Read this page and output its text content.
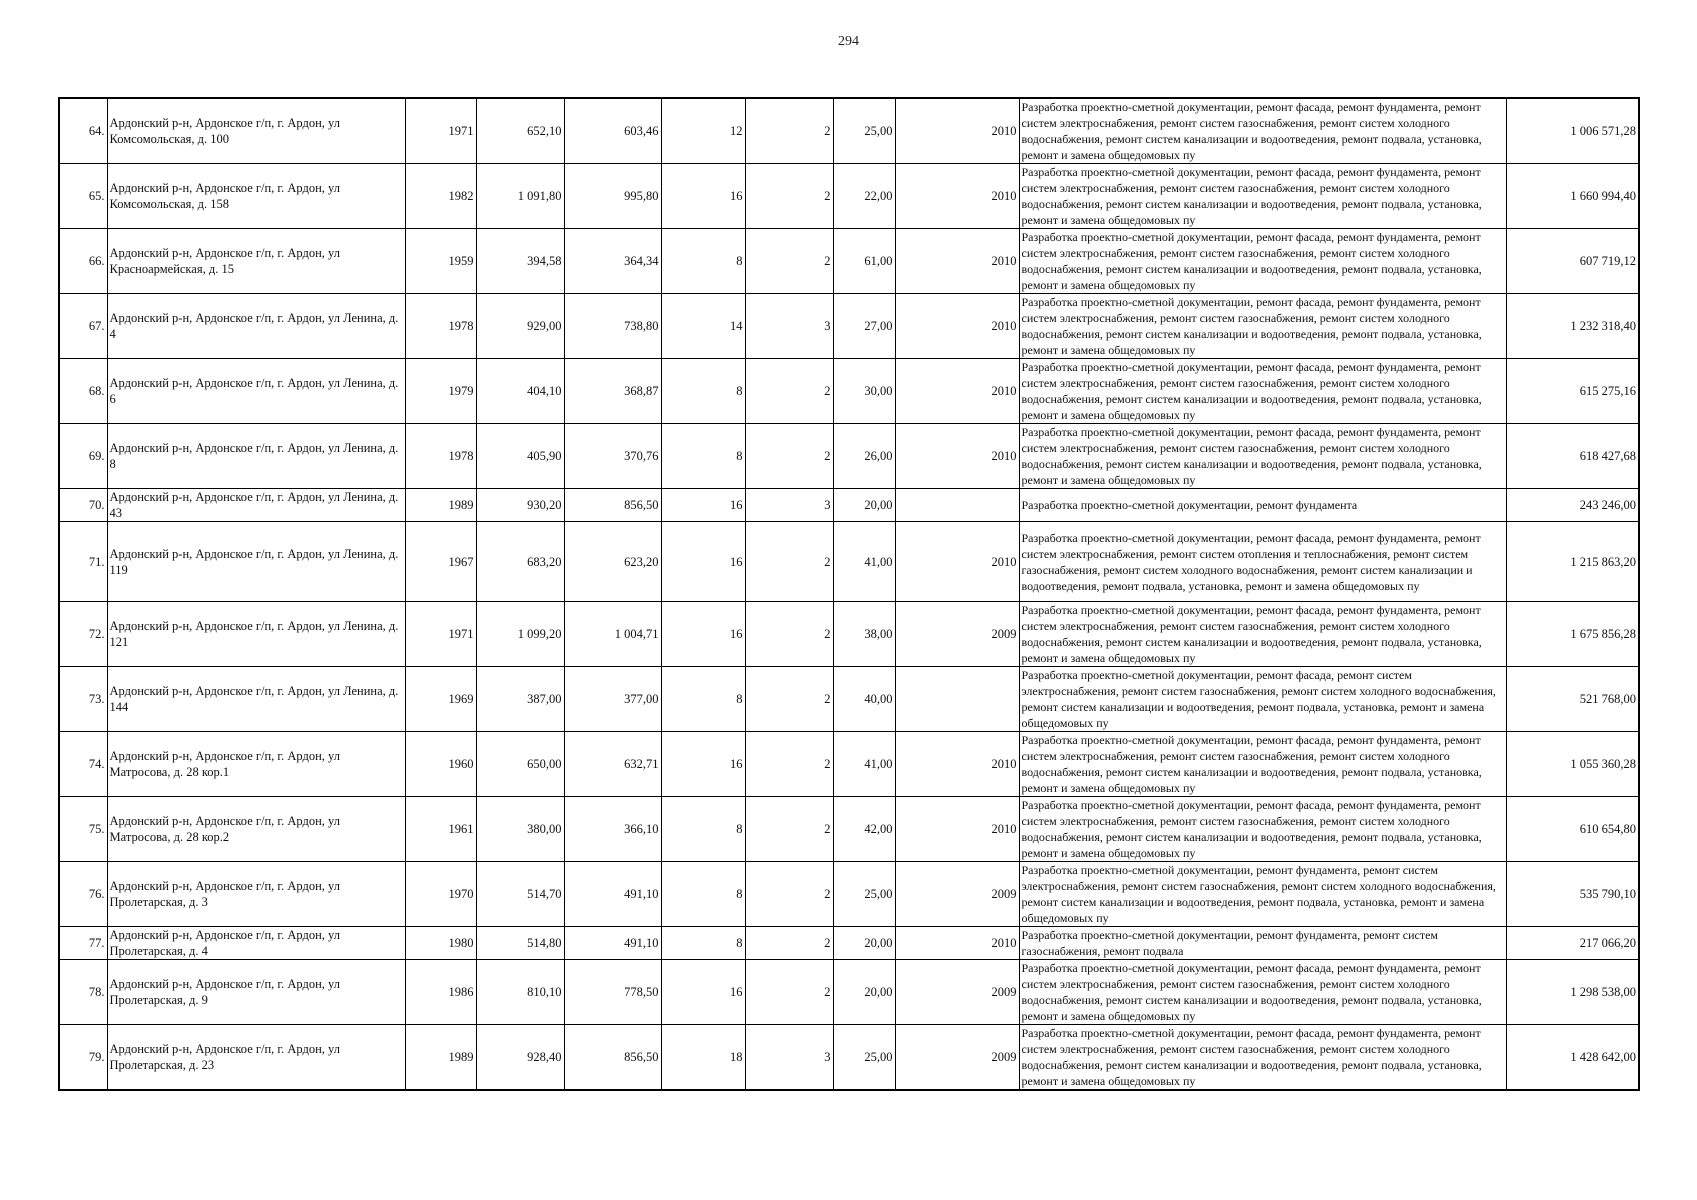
294
64.	Ардонский р-н, Ардонское г/п, г. Ардон, ул Комсомольская, д. 100	1971	652,10	603,46	12	2	25,00	2010	Разработка проектно-сметной документации, ремонт фасада, ремонт фундамента, ремонт систем электроснабжения, ремонт систем газоснабжения, ремонт систем холодного водоснабжения, ремонт систем канализации и водоотведения, ремонт подвала, установка, ремонт и замена общедомовых пу	1 006 571,28
65.	Ардонский р-н, Ардонское г/п, г. Ардон, ул Комсомольская, д. 158	1982	1 091,80	995,80	16	2	22,00	2010	Разработка проектно-сметной документации, ремонт фасада, ремонт фундамента, ремонт систем электроснабжения, ремонт систем газоснабжения, ремонт систем холодного водоснабжения, ремонт систем канализации и водоотведения, ремонт подвала, установка, ремонт и замена общедомовых пу	1 660 994,40
66.	Ардонский р-н, Ардонское г/п, г. Ардон, ул Красноармейская, д. 15	1959	394,58	364,34	8	2	61,00	2010	Разработка проектно-сметной документации, ремонт фасада, ремонт фундамента, ремонт систем электроснабжения, ремонт систем газоснабжения, ремонт систем холодного водоснабжения, ремонт систем канализации и водоотведения, ремонт подвала, установка, ремонт и замена общедомовых пу	607 719,12
67.	Ардонский р-н, Ардонское г/п, г. Ардон, ул Ленина, д. 4	1978	929,00	738,80	14	3	27,00	2010	Разработка проектно-сметной документации, ремонт фасада, ремонт фундамента, ремонт систем электроснабжения, ремонт систем газоснабжения, ремонт систем холодного водоснабжения, ремонт систем канализации и водоотведения, ремонт подвала, установка, ремонт и замена общедомовых пу	1 232 318,40
68.	Ардонский р-н, Ардонское г/п, г. Ардон, ул Ленина, д. 6	1979	404,10	368,87	8	2	30,00	2010	Разработка проектно-сметной документации, ремонт фасада, ремонт фундамента, ремонт систем электроснабжения, ремонт систем газоснабжения, ремонт систем холодного водоснабжения, ремонт систем канализации и водоотведения, ремонт подвала, установка, ремонт и замена общедомовых пу	615 275,16
69.	Ардонский р-н, Ардонское г/п, г. Ардон, ул Ленина, д. 8	1978	405,90	370,76	8	2	26,00	2010	Разработка проектно-сметной документации, ремонт фасада, ремонт фундамента, ремонт систем электроснабжения, ремонт систем газоснабжения, ремонт систем холодного водоснабжения, ремонт систем канализации и водоотведения, ремонт подвала, установка, ремонт и замена общедомовых пу	618 427,68
70.	Ардонский р-н, Ардонское г/п, г. Ардон, ул Ленина, д. 43	1989	930,20	856,50	16	3	20,00		Разработка проектно-сметной документации, ремонт фундамента	243 246,00
71.	Ардонский р-н, Ардонское г/п, г. Ардон, ул Ленина, д. 119	1967	683,20	623,20	16	2	41,00	2010	Разработка проектно-сметной документации, ремонт фасада, ремонт фундамента, ремонт систем электроснабжения, ремонт систем отопления и теплоснабжения, ремонт систем газоснабжения, ремонт систем холодного водоснабжения, ремонт систем канализации и водоотведения, ремонт подвала, установка, ремонт и замена общедомовых пу	1 215 863,20
72.	Ардонский р-н, Ардонское г/п, г. Ардон, ул Ленина, д. 121	1971	1 099,20	1 004,71	16	2	38,00	2009	Разработка проектно-сметной документации, ремонт фасада, ремонт фундамента, ремонт систем электроснабжения, ремонт систем газоснабжения, ремонт систем холодного водоснабжения, ремонт систем канализации и водоотведения, ремонт подвала, установка, ремонт и замена общедомовых пу	1 675 856,28
73.	Ардонский р-н, Ардонское г/п, г. Ардон, ул Ленина, д. 144	1969	387,00	377,00	8	2	40,00		Разработка проектно-сметной документации, ремонт фасада, ремонт систем электроснабжения, ремонт систем газоснабжения, ремонт систем холодного водоснабжения, ремонт систем канализации и водоотведения, ремонт подвала, установка, ремонт и замена общедомовых пу	521 768,00
74.	Ардонский р-н, Ардонское г/п, г. Ардон, ул Матросова, д. 28 кор.1	1960	650,00	632,71	16	2	41,00	2010	Разработка проектно-сметной документации, ремонт фасада, ремонт фундамента, ремонт систем электроснабжения, ремонт систем газоснабжения, ремонт систем холодного водоснабжения, ремонт систем канализации и водоотведения, ремонт подвала, установка, ремонт и замена общедомовых пу	1 055 360,28
75.	Ардонский р-н, Ардонское г/п, г. Ардон, ул Матросова, д. 28 кор.2	1961	380,00	366,10	8	2	42,00	2010	Разработка проектно-сметной документации, ремонт фасада, ремонт фундамента, ремонт систем электроснабжения, ремонт систем газоснабжения, ремонт систем холодного водоснабжения, ремонт систем канализации и водоотведения, ремонт подвала, установка, ремонт и замена общедомовых пу	610 654,80
76.	Ардонский р-н, Ардонское г/п, г. Ардон, ул Пролетарская, д. 3	1970	514,70	491,10	8	2	25,00	2009	Разработка проектно-сметной документации, ремонт фундамента, ремонт систем электроснабжения, ремонт систем газоснабжения, ремонт систем холодного водоснабжения, ремонт систем канализации и водоотведения, ремонт подвала, установка, ремонт и замена общедомовых пу	535 790,10
77.	Ардонский р-н, Ардонское г/п, г. Ардон, ул Пролетарская, д. 4	1980	514,80	491,10	8	2	20,00	2010	Разработка проектно-сметной документации, ремонт фундамента, ремонт систем газоснабжения, ремонт подвала	217 066,20
78.	Ардонский р-н, Ардонское г/п, г. Ардон, ул Пролетарская, д. 9	1986	810,10	778,50	16	2	20,00	2009	Разработка проектно-сметной документации, ремонт фасада, ремонт фундамента, ремонт систем электроснабжения, ремонт систем газоснабжения, ремонт систем холодного водоснабжения, ремонт систем канализации и водоотведения, ремонт подвала, установка, ремонт и замена общедомовых пу	1 298 538,00
79.	Ардонский р-н, Ардонское г/п, г. Ардон, ул Пролетарская, д. 23	1989	928,40	856,50	18	3	25,00	2009	Разработка проектно-сметной документации, ремонт фасада, ремонт фундамента, ремонт систем электроснабжения, ремонт систем газоснабжения, ремонт систем холодного водоснабжения, ремонт систем канализации и водоотведения, ремонт подвала, установка, ремонт и замена общедомовых пу	1 428 642,00
